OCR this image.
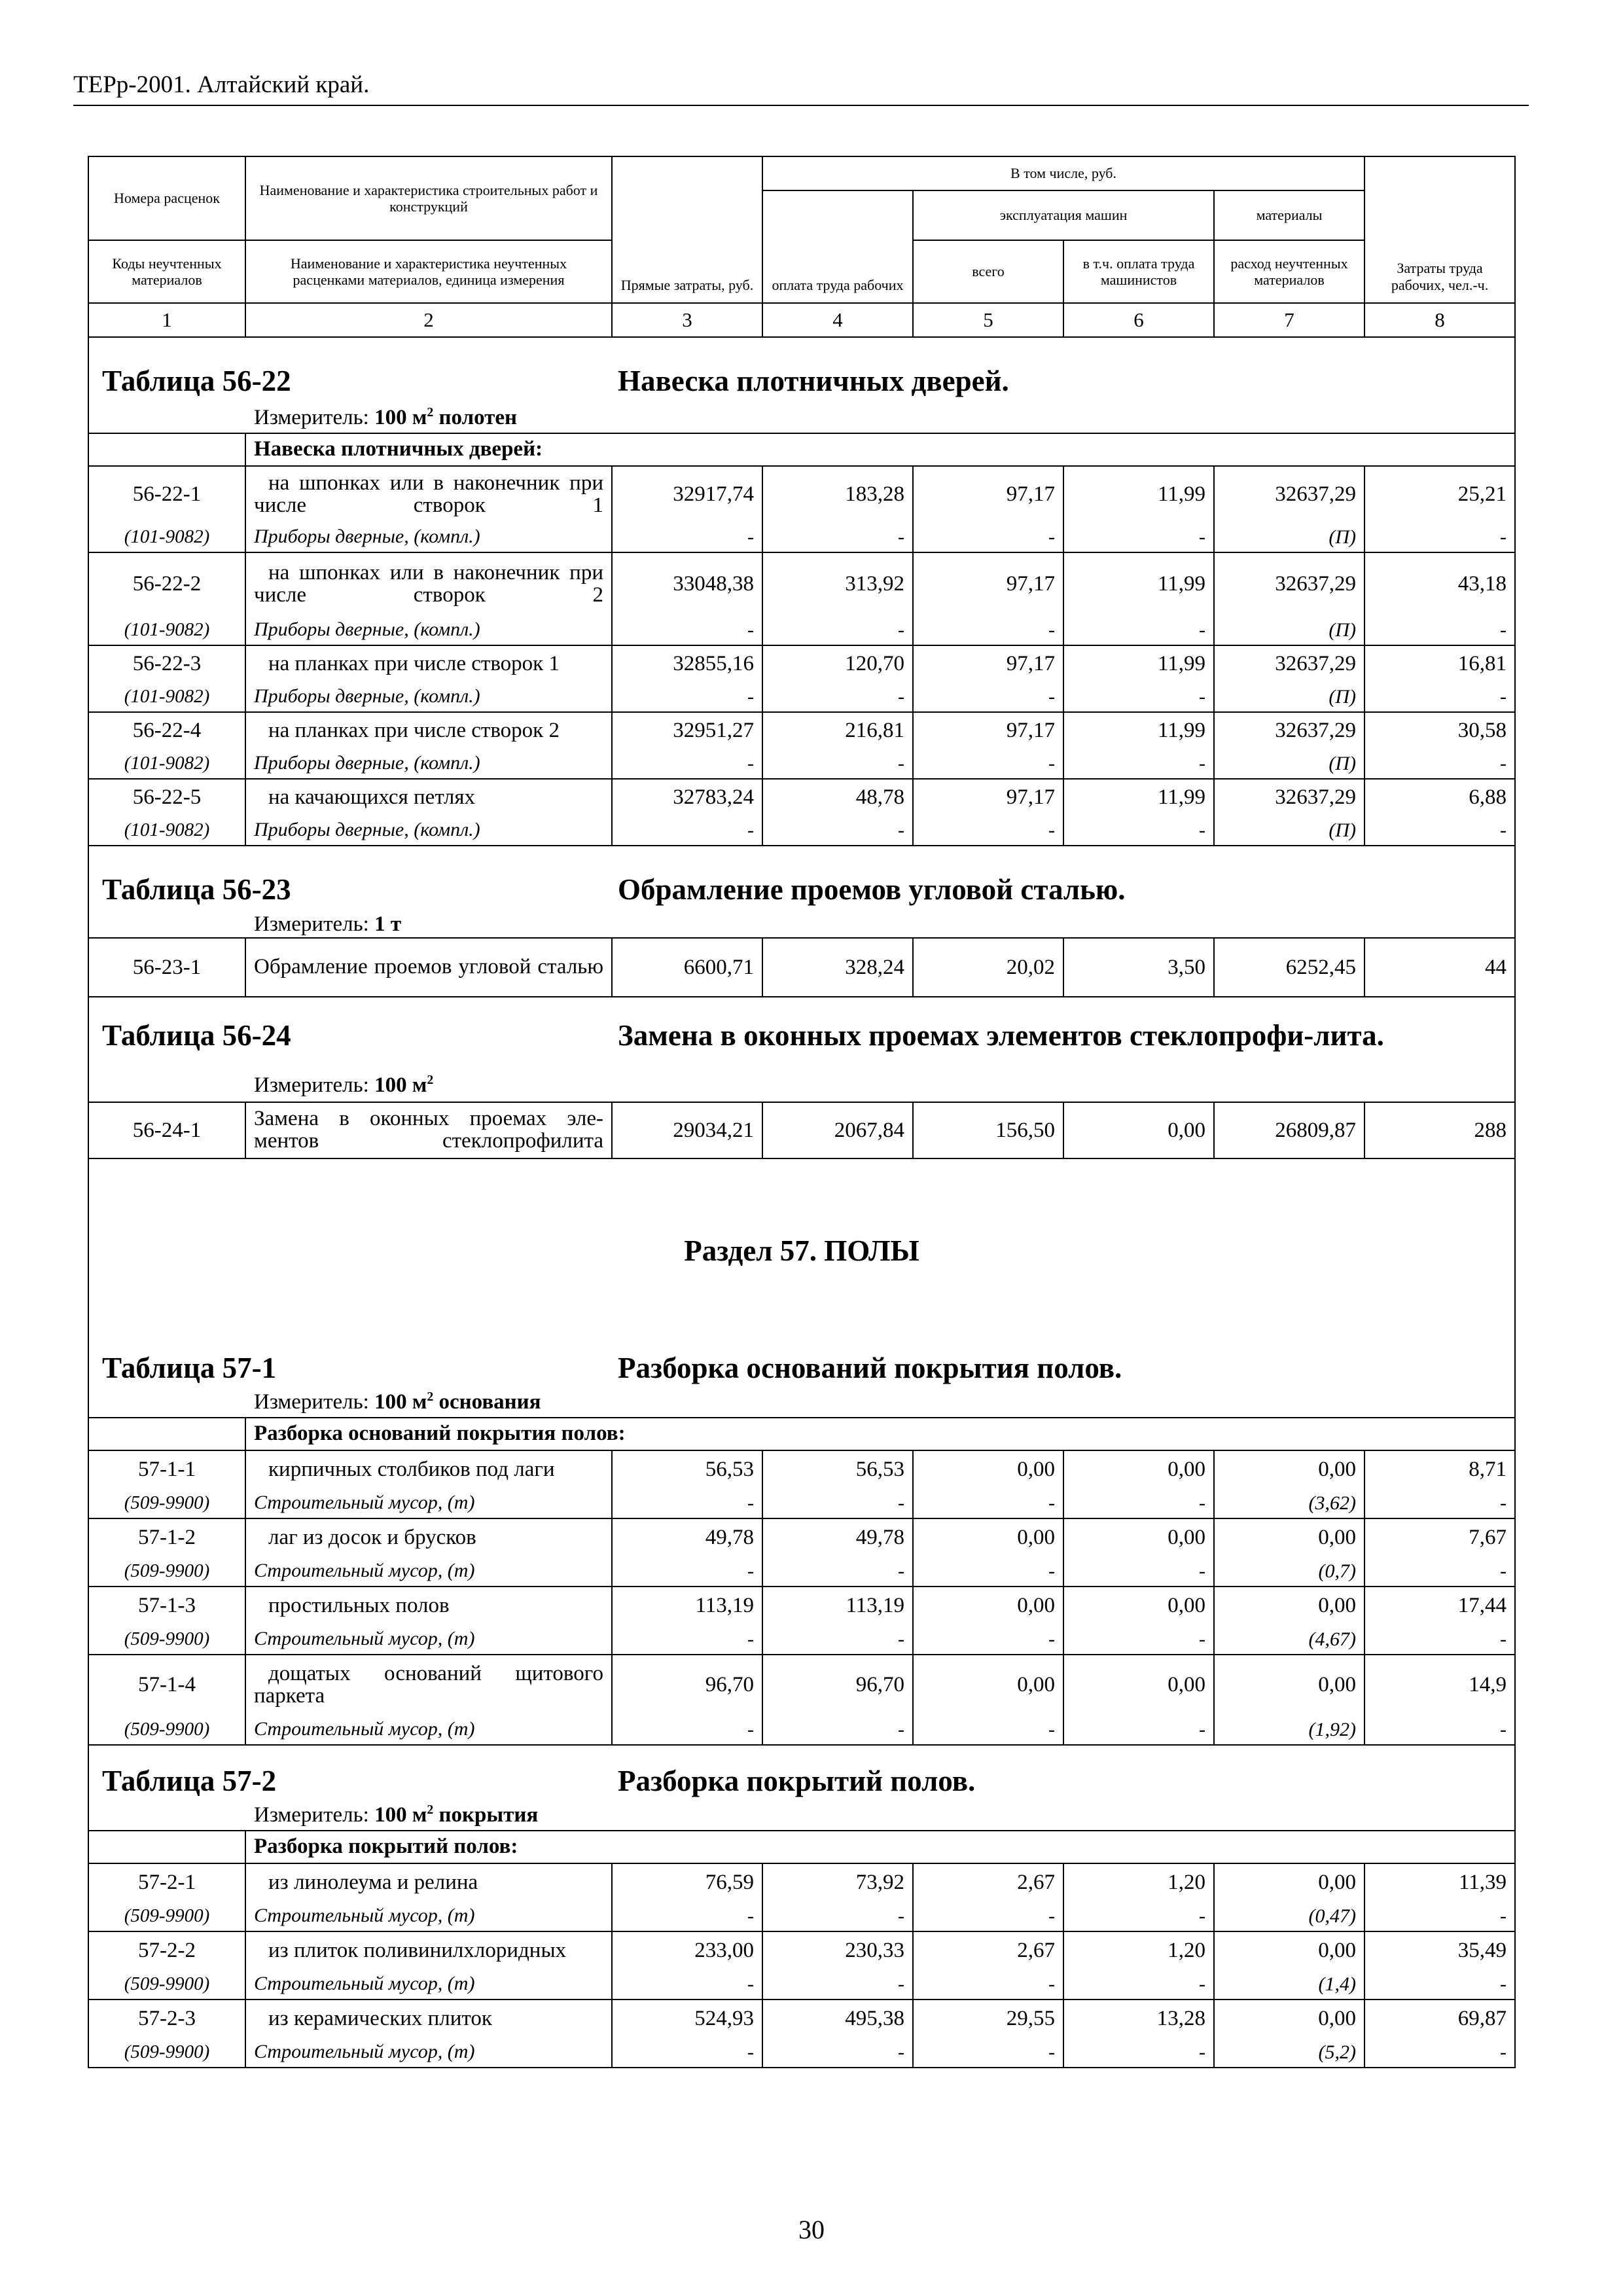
ТЕРр-2001. Алтайский край.
Номера расценок	Наименование и характеристика строительных работ и конструкций	Прямые затраты, руб.	В том числе, руб.				Затраты труда рабочих, чел.-ч.
			оплата труда рабочих	эксплуатация машин		материалы	
Коды неучтенных материалов	Наименование и характеристика неучтенных расценками материалов, единица измерения			всего	в т.ч. оплата труда машинистов	расход неучтенных материалов	
1	2	3	4	5	6	7	8

Таблица 56-22 Навеска плотничных дверей.							

Измеритель: 100 $м^2$ полотен							
	Навеска плотничных дверей:						
56-22-1	на шпонках или в наконечник при числе створок 1	32917,74	183,28	97,17	11,99	32637,29	25,21
(101-9082)	Приборы дверные, (компл.)	-	-	-	-	(П)	-
56-22-2	на шпонках или в наконечник при числе створок 2	33048,38	313,92	97,17	11,99	32637,29	43,18
(101-9082)	Приборы дверные, (компл.)	-	-	-	-	(П)	-
56-22-3	на планках при числе створок 1	32855,16	120,70	97,17	11,99	32637,29	16,81
(101-9082)	Приборы дверные, (компл.)	-	-	-	-	(П)	-
56-22-4	на планках при числе створок 2	32951,27	216,81	97,17	11,99	32637,29	30,58
(101-9082)	Приборы дверные, (компл.)	-	-	-	-	(П)	-
56-22-5	на качающихся петлях	32783,24	48,78	97,17	11,99	32637,29	6,88
(101-9082)	Приборы дверные, (компл.)	-	-	-	-	(П)	-

Таблица 56-23 Обрамление проемов угловой сталью.							

Измеритель: 1 т							
56-23-1	Обрамление проемов угловой сталью	6600,71	328,24	20,02	3,50	6252,45	44

Таблица 56-24 Замена в оконных проемах элементов стеклопрофи-лита.							

Измеритель: 100 $м^2$
56-24-1	Замена в оконных проемах эле-ментов стеклопрофилита	29034,21	2067,84	156,50	0,00	26809,87	288
Раздел 57. ПОЛЫ							

Таблица 57-1 Разборка оснований покрытия полов.							

Измеритель: 100 $м^2$ основания							
	Разборка оснований покрытия полов:						
57-1-1	кирпичных столбиков под лаги	56,53	56,53	0,00	0,00	0,00	8,71
(509-9900)	Строительный мусор, (т)	-	-	-	-	(3,62)	-
57-1-2	лаг из досок и брусков	49,78	49,78	0,00	0,00	0,00	7,67
(509-9900)	Строительный мусор, (т)	-	-	-	-	(0,7)	-
57-1-3	простильных полов	113,19	113,19	0,00	0,00	0,00	17,44
(509-9900)	Строительный мусор, (т)	-	-	-	-	(4,67)	-
57-1-4	дощатых оснований щитового паркета	96,70	96,70	0,00	0,00	0,00	14,9
(509-9900)	Строительный мусор, (т)	-	-	-	-	(1,92)	-

Таблица 57-2 Разборка покрытий полов.							

Измеритель: 100 $м^2$ покрытия							
	Разборка покрытий полов:						
57-2-1	из линолеума и релина	76,59	73,92	2,67	1,20	0,00	11,39
(509-9900)	Строительный мусор, (т)	-	-	-	-	(0,47)	-
57-2-2	из плиток поливинилхлоридных	233,00	230,33	2,67	1,20	0,00	35,49
(509-9900)	Строительный мусор, (т)	-	-	-	-	(1,4)	-
57-2-3	из керамических плиток	524,93	495,38	29,55	13,28	0,00	69,87
(509-9900)	Строительный мусор, (т)	-	-	-	-	(5,2)	-
30
